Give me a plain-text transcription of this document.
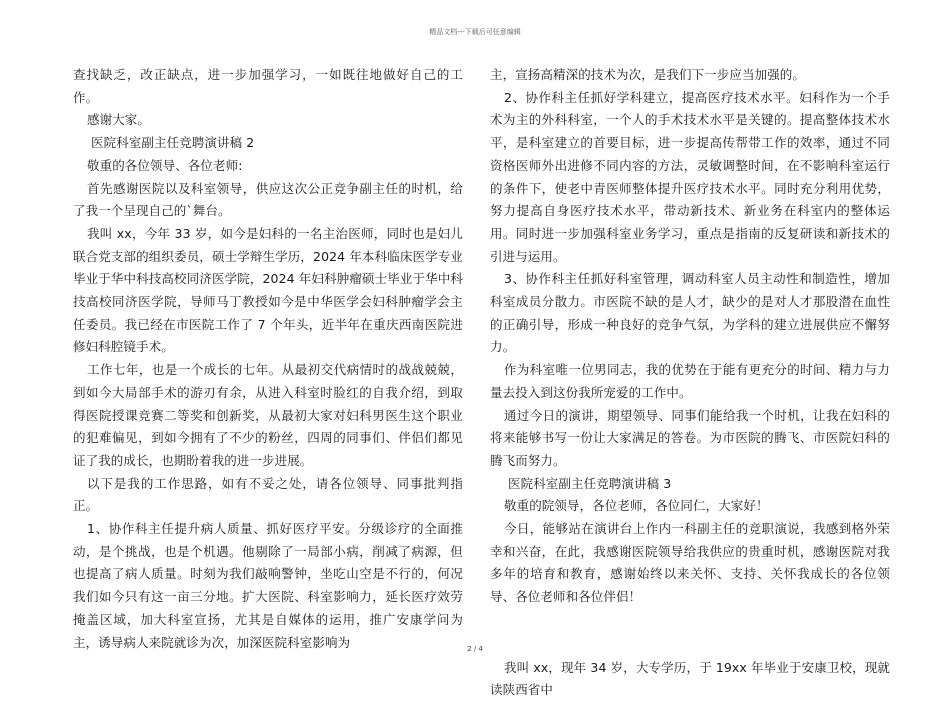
精品文档---下载后可任意编辑

查找缺乏，改正缺点，进一步加强学习，一如既往地做好自己的工作。

感谢大家。

医院科室副主任竞聘演讲稿 2

敬重的各位领导、各位老师:

首先感谢医院以及科室领导，供应这次公正竞争副主任的时机，给了我一个呈现自己的`舞台。

我叫 xx，今年 33 岁，如今是妇科的一名主治医师，同时也是妇儿联合党支部的组织委员，硕士学辩生学历，2024 年本科临床医学专业毕业于华中科技高校同济医学院，2024 年妇科肿瘤硕士毕业于华中科技高校同济医学院，导师马丁教授如今是中华医学会妇科肿瘤学会主任委员。我已经在市医院工作了 7 个年头，近半年在重庆西南医院进修妇科腔镜手术。

工作七年，也是一个成长的七年。从最初交代病情时的战战兢兢，到如今大局部手术的游刃有余，从进入科室时脸红的自我介绍，到取得医院授课竞赛二等奖和创新奖，从最初大家对妇科男医生这个职业的犯难偏见，到如今拥有了不少的粉丝，四周的同事们、伴侣们都见证了我的成长，也期盼着我的进一步进展。

以下是我的工作思路，如有不妥之处，请各位领导、同事批判指正。

1、协作科主任提升病人质量、抓好医疗平安。分级诊疗的全面推动，是个挑战，也是个机遇。他剔除了一局部小病，削减了病源，但也提高了病人质量。时刻为我们敲响警钟，坐吃山空是不行的，何况我们如今只有这一亩三分地。扩大医院、科室影响力，延长医疗效劳掩盖区域，加大科室宣扬，尤其是自媒体的运用，推广安康学问为主，诱导病人来院就诊为次，加深医院科室影响为

主，宣扬高精深的技术为次，是我们下一步应当加强的。

2、协作科主任抓好学科建立，提高医疗技术水平。妇科作为一个手术为主的外科科室，一个人的手术技术水平是关键的。提高整体技术水平，是科室建立的首要目标，进一步提高传帮带工作的效率，通过不同资格医师外出进修不同内容的方法，灵敏调整时间，在不影响科室运行的条件下，使老中青医师整体提升医疗技术水平。同时充分利用优势，努力提高自身医疗技术水平，带动新技术、新业务在科室内的整体运用。同时进一步加强科室业务学习，重点是指南的反复研读和新技术的引进与运用。

3、协作科主任抓好科室管理，调动科室人员主动性和制造性，增加科室成员分散力。市医院不缺的是人才，缺少的是对人才那股潜在血性的正确引导，形成一种良好的竞争气氛，为学科的建立进展供应不懈努力。

作为科室唯一位男同志，我的优势在于能有更充分的时间、精力与力量去投入到这份我所宠爱的工作中。

通过今日的演讲，期望领导、同事们能给我一个时机，让我在妇科的将来能够书写一份让大家满足的答卷。为市医院的腾飞、市医院妇科的腾飞而努力。

医院科室副主任竞聘演讲稿 3

敬重的院领导，各位老师，各位同仁，大家好！

今日，能够站在演讲台上作内一科副主任的竞职演说，我感到格外荣幸和兴奋，在此，我感谢医院领导给我供应的贵重时机，感谢医院对我多年的培育和教育，感谢始终以来关怀、支持、关怀我成长的各位领导、各位老师和各位伴侣！

我叫 xx，现年 34 岁，大专学历，于 19xx 年毕业于安康卫校，现就读陕西省中

2 / 4
